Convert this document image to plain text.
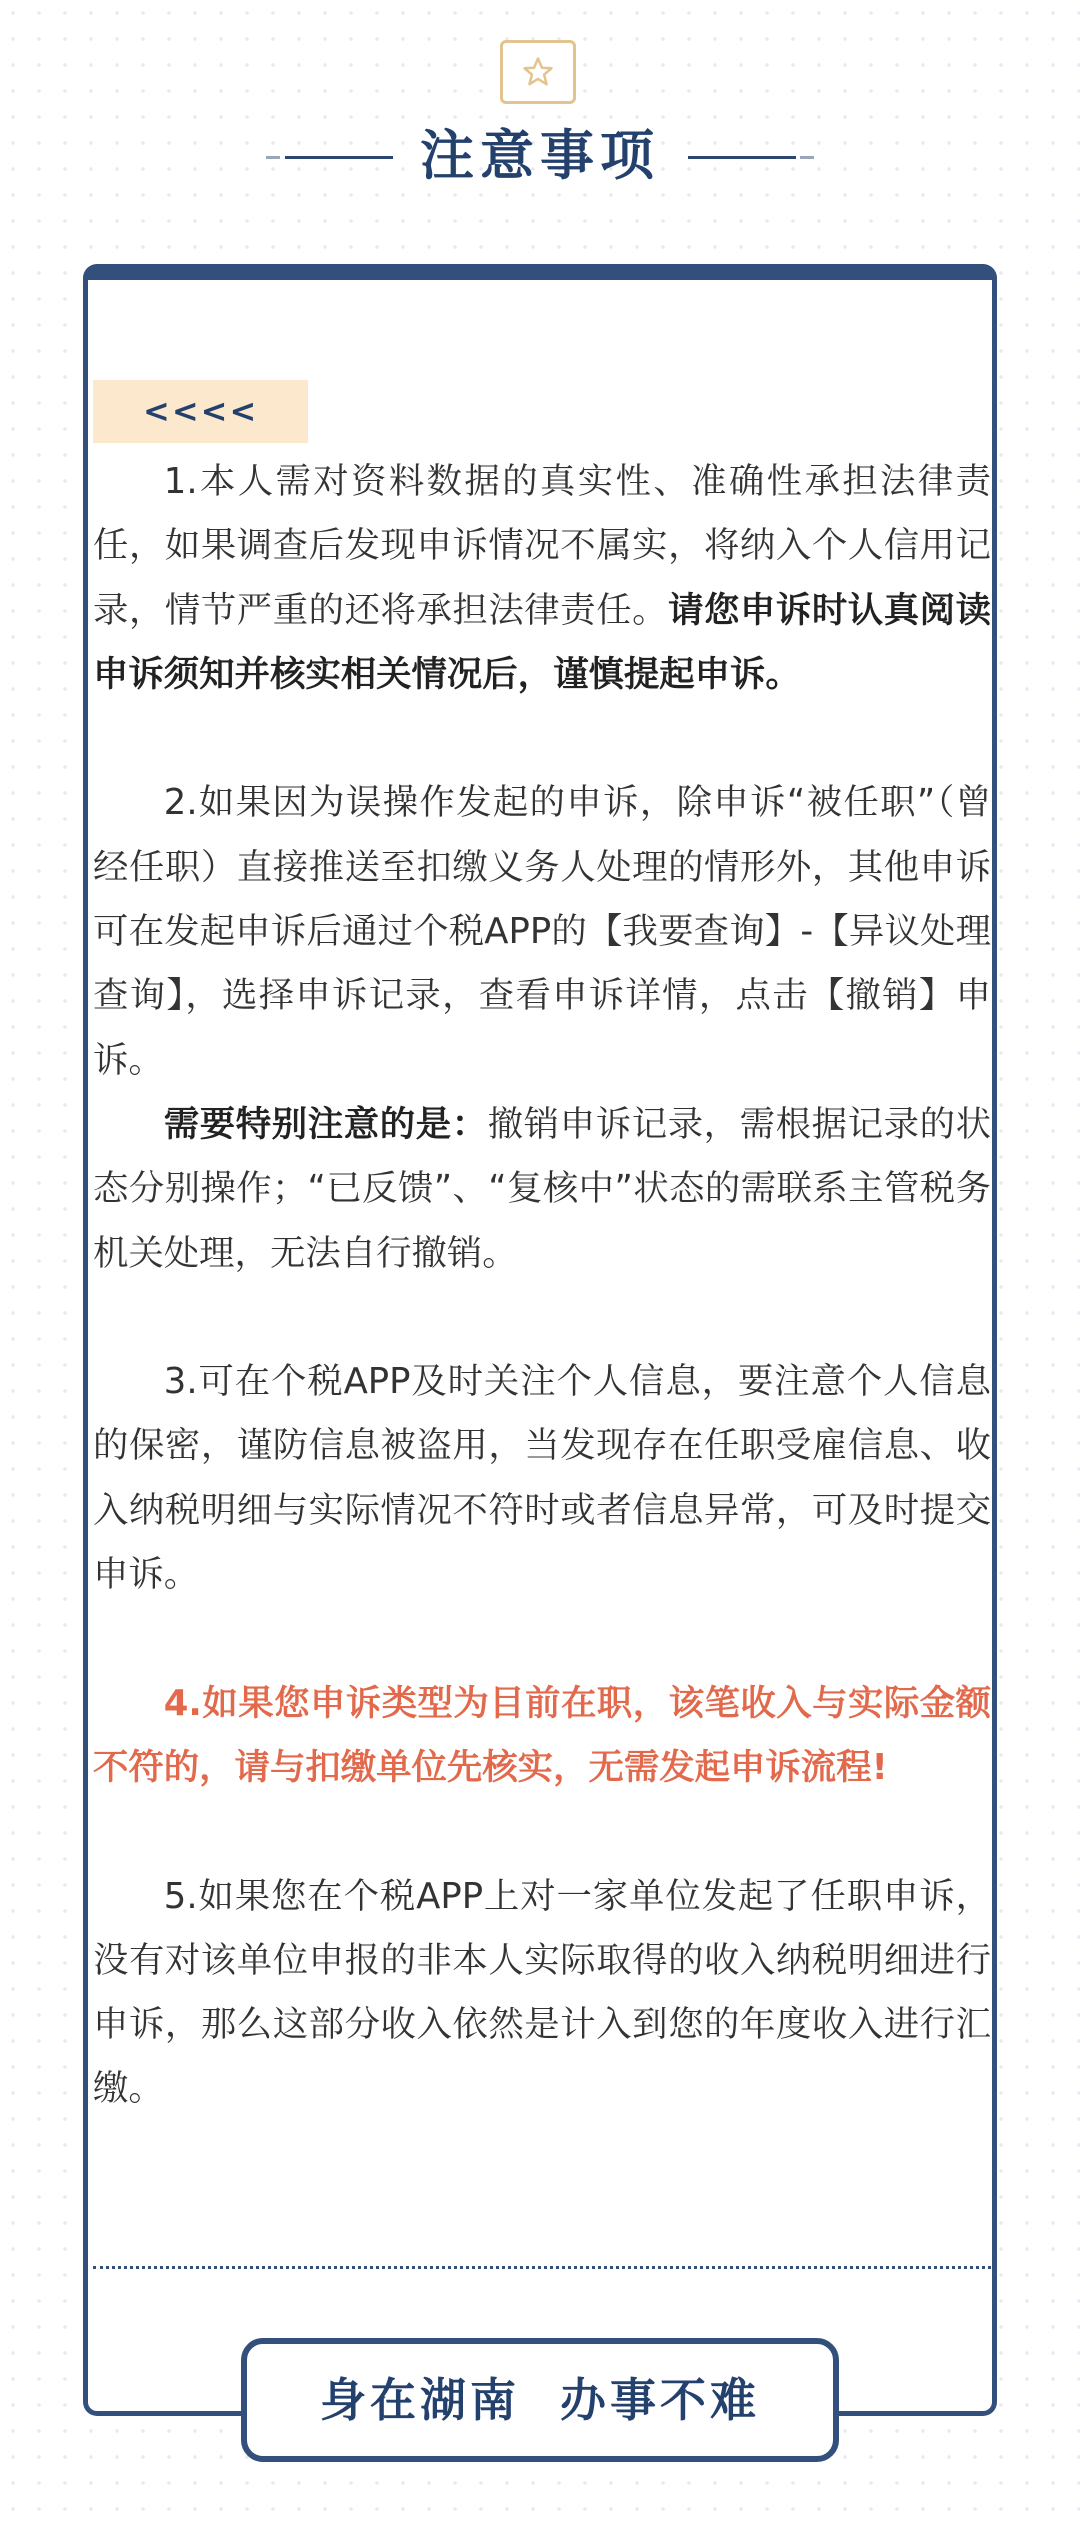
注意事项
<<<<

1.本人需对资料数据的真实性、准确性承担法律责任，如果调查后发现申诉情况不属实，将纳入个人信用记录，情节严重的还将承担法律责任。请您申诉时认真阅读申诉须知并核实相关情况后，谨慎提起申诉。

2.如果因为误操作发起的申诉，除申诉“被任职”（曾经任职）直接推送至扣缴义务人处理的情形外，其他申诉可在发起申诉后通过个税APP的【我要查询】-【异议处理查询】，选择申诉记录，查看申诉详情，点击【撤销】申诉。

需要特别注意的是：撤销申诉记录，需根据记录的状态分别操作；“已反馈”、“复核中”状态的需联系主管税务机关处理，无法自行撤销。

3.可在个税APP及时关注个人信息，要注意个人信息的保密，谨防信息被盗用，当发现存在任职受雇信息、收入纳税明细与实际情况不符时或者信息异常，可及时提交申诉。

4.如果您申诉类型为目前在职，该笔收入与实际金额不符的，请与扣缴单位先核实，无需发起申诉流程!

5.如果您在个税APP上对一家单位发起了任职申诉，没有对该单位申报的非本人实际取得的收入纳税明细进行申诉，那么这部分收入依然是计入到您的年度收入进行汇缴。

身在湖南  办事不难
